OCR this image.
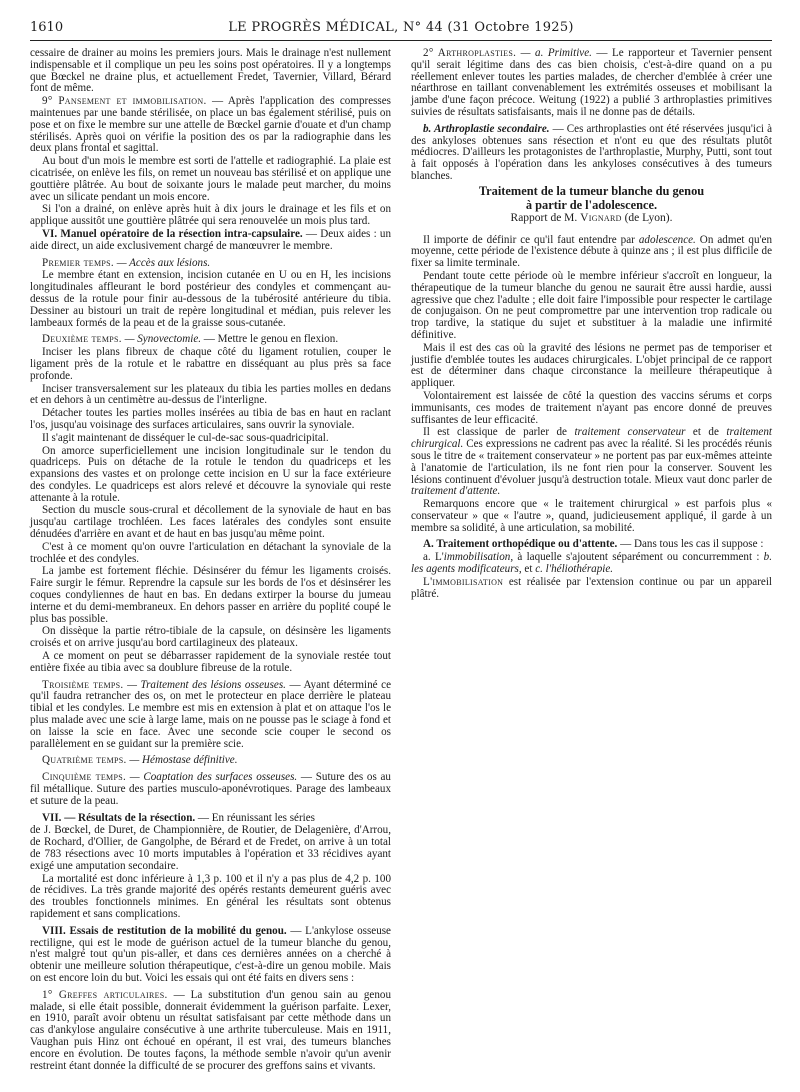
1610	LE PROGRÈS MÉDICAL, N° 44 (31 Octobre 1925)

cessaire de drainer au moins les premiers jours. Mais le drainage n'est nullement indispensable et il complique un peu les soins post opératoires. Il y a longtemps que Bœckel ne draine plus, et actuellement Fredet, Tavernier, Villard, Bérard font de même.

9° Pansement et immobilisation. — Après l'application des compresses maintenues par une bande stérilisée, on place un bas également stérilisé, puis on pose et on fixe le membre sur une attelle de Bœckel garnie d'ouate et d'un champ stérilisés. Après quoi on vérifie la position des os par la radiographie dans les deux plans frontal et sagittal.

Au bout d'un mois le membre est sorti de l'attelle et radiographié. La plaie est cicatrisée, on enlève les fils, on remet un nouveau bas stérilisé et on applique une gouttière plâtrée. Au bout de soixante jours le malade peut marcher, du moins avec un silicate pendant un mois encore.

Si l'on a drainé, on enlève après huit à dix jours le drainage et les fils et on applique aussitôt une gouttière plâtrée qui sera renouvelée un mois plus tard.

VI. Manuel opératoire de la résection intra-capsulaire. — Deux aides : un aide direct, un aide exclusivement chargé de manœuvrer le membre.

Premier temps. — Accès aux lésions.

Le membre étant en extension, incision cutanée en U ou en H, les incisions longitudinales affleurant le bord postérieur des condyles et commençant au-dessus de la rotule pour finir au-dessous de la tubérosité antérieure du tibia. Dessiner au bistouri un trait de repère longitudinal et médian, puis relever les lambeaux formés de la peau et de la graisse sous-cutanée.

Deuxième temps. — Synovectomie. — Mettre le genou en flexion.

Inciser les plans fibreux de chaque côté du ligament rotulien, couper le ligament près de la rotule et le rabattre en disséquant au plus près sa face profonde.

Inciser transversalement sur les plateaux du tibia les parties molles en dedans et en dehors à un centimètre au-dessus de l'interligne.

Détacher toutes les parties molles insérées au tibia de bas en haut en raclant l'os, jusqu'au voisinage des surfaces articulaires, sans ouvrir la synoviale.

Il s'agit maintenant de disséquer le cul-de-sac sous-quadricipital.

On amorce superficiellement une incision longitudinale sur le tendon du quadriceps. Puis on détache de la rotule le tendon du quadriceps et les expansions des vastes et on prolonge cette incision en U sur la face extérieure des condyles. Le quadriceps est alors relevé et découvre la synoviale qui reste attenante à la rotule.

Section du muscle sous-crural et décollement de la synoviale de haut en bas jusqu'au cartilage trochléen. Les faces latérales des condyles sont ensuite dénudées d'arrière en avant et de haut en bas jusqu'au même point.

C'est à ce moment qu'on ouvre l'articulation en détachant la synoviale de la trochlée et des condyles.

La jambe est fortement fléchie. Désinsérer du fémur les ligaments croisés. Faire surgir le fémur. Reprendre la capsule sur les bords de l'os et désinsérer les coques condyliennes de haut en bas. En dedans extirper la bourse du jumeau interne et du demi-membraneux. En dehors passer en arrière du poplité coupé le plus bas possible.

On dissèque la partie rétro-tibiale de la capsule, on désinsère les ligaments croisés et on arrive jusqu'au bord cartilagineux des plateaux.

A ce moment on peut se débarrasser rapidement de la synoviale restée tout entière fixée au tibia avec sa doublure fibreuse de la rotule.

Troisième temps. — Traitement des lésions osseuses. — Ayant déterminé ce qu'il faudra retrancher des os, on met le protecteur en place derrière le plateau tibial et les condyles. Le membre est mis en extension à plat et on attaque l'os le plus malade avec une scie à large lame, mais on ne pousse pas le sciage à fond et on laisse la scie en face. Avec une seconde scie couper le second os parallèlement en se guidant sur la première scie.

Quatrième temps. — Hémostase définitive.

Cinquième temps. — Coaptation des surfaces osseuses. — Suture des os au fil métallique. Suture des parties musculo-aponévrotiques. Parage des lambeaux et suture de la peau.

VII. — Résultats de la résection. — En réunissant les séries

de J. Bœckel, de Duret, de Championnière, de Routier, de Delagenière, d'Arrou, de Rochard, d'Ollier, de Gangolphe, de Bérard et de Fredet, on arrive à un total de 783 résections avec 10 morts imputables à l'opération et 33 récidives ayant exigé une amputation secondaire.

La mortalité est donc inférieure à 1,3 p. 100 et il n'y a pas plus de 4,2 p. 100 de récidives. La très grande majorité des opérés restants demeurent guéris avec des troubles fonctionnels minimes. En général les résultats sont obtenus rapidement et sans complications.

VIII. Essais de restitution de la mobilité du genou. — L'ankylose osseuse rectiligne, qui est le mode de guérison actuel de la tumeur blanche du genou, n'est malgré tout qu'un pis-aller, et dans ces dernières années on a cherché à obtenir une meilleure solution thérapeutique, c'est-à-dire un genou mobile. Mais on est encore loin du but. Voici les essais qui ont été faits en divers sens :

1° Greffes articulaires. — La substitution d'un genou sain au genou malade, si elle était possible, donnerait évidemment la guérison parfaite. Lexer, en 1910, paraît avoir obtenu un résultat satisfaisant par cette méthode dans un cas d'ankylose angulaire consécutive à une arthrite tuberculeuse. Mais en 1911, Vaughan puis Hinz ont échoué en opérant, il est vrai, des tumeurs blanches encore en évolution. De toutes façons, la méthode semble n'avoir qu'un avenir restreint étant donnée la difficulté de se procurer des greffons sains et vivants.

2° Arthroplasties. — a. Primitive. — Le rapporteur et Tavernier pensent qu'il serait légitime dans des cas bien choisis, c'est-à-dire quand on a pu réellement enlever toutes les parties malades, de chercher d'emblée à créer une néarthrose en taillant convenablement les extrémités osseuses et mobilisant la jambe d'une façon précoce. Weitung (1922) a publié 3 arthroplasties primitives suivies de résultats satisfaisants, mais il ne donne pas de détails.

b. Arthroplastie secondaire. — Ces arthroplasties ont été réservées jusqu'ici à des ankyloses obtenues sans résection et n'ont eu que des résultats plutôt médiocres. D'ailleurs les protagonistes de l'arthroplastie, Murphy, Putti, sont tout à fait opposés à l'opération dans les ankyloses consécutives à des tumeurs blanches.

Traitement de la tumeur blanche du genou
à partir de l'adolescence.

Rapport de M. Vignard (de Lyon).

Il importe de définir ce qu'il faut entendre par adolescence. On admet qu'en moyenne, cette période de l'existence débute à quinze ans ; il est plus difficile de fixer sa limite terminale.

Pendant toute cette période où le membre inférieur s'accroît en longueur, la thérapeutique de la tumeur blanche du genou ne saurait être aussi hardie, aussi agressive que chez l'adulte ; elle doit faire l'impossible pour respecter le cartilage de conjugaison. On ne peut compromettre par une intervention trop radicale ou trop tardive, la statique du sujet et substituer à la maladie une infirmité définitive.

Mais il est des cas où la gravité des lésions ne permet pas de temporiser et justifie d'emblée toutes les audaces chirurgicales. L'objet principal de ce rapport est de déterminer dans chaque circonstance la meilleure thérapeutique à appliquer.

Volontairement est laissée de côté la question des vaccins sérums et corps immunisants, ces modes de traitement n'ayant pas encore donné de preuves suffisantes de leur efficacité.

Il est classique de parler de traitement conservateur et de traitement chirurgical. Ces expressions ne cadrent pas avec la réalité. Si les procédés réunis sous le titre de « traitement conservateur » ne portent pas par eux-mêmes atteinte à l'anatomie de l'articulation, ils ne font rien pour la conserver. Souvent les lésions continuent d'évoluer jusqu'à destruction totale. Mieux vaut donc parler de traitement d'attente.

Remarquons encore que « le traitement chirurgical » est parfois plus « conservateur » que « l'autre », quand, judicieusement appliqué, il garde à un membre sa solidité, à une articulation, sa mobilité.

A. Traitement orthopédique ou d'attente. — Dans tous les cas il suppose :

a. L'immobilisation, à laquelle s'ajoutent séparément ou concurremment : b. les agents modificateurs, et c. l'héliothérapie.

L'immobilisation est réalisée par l'extension continue ou par un appareil plâtré.
